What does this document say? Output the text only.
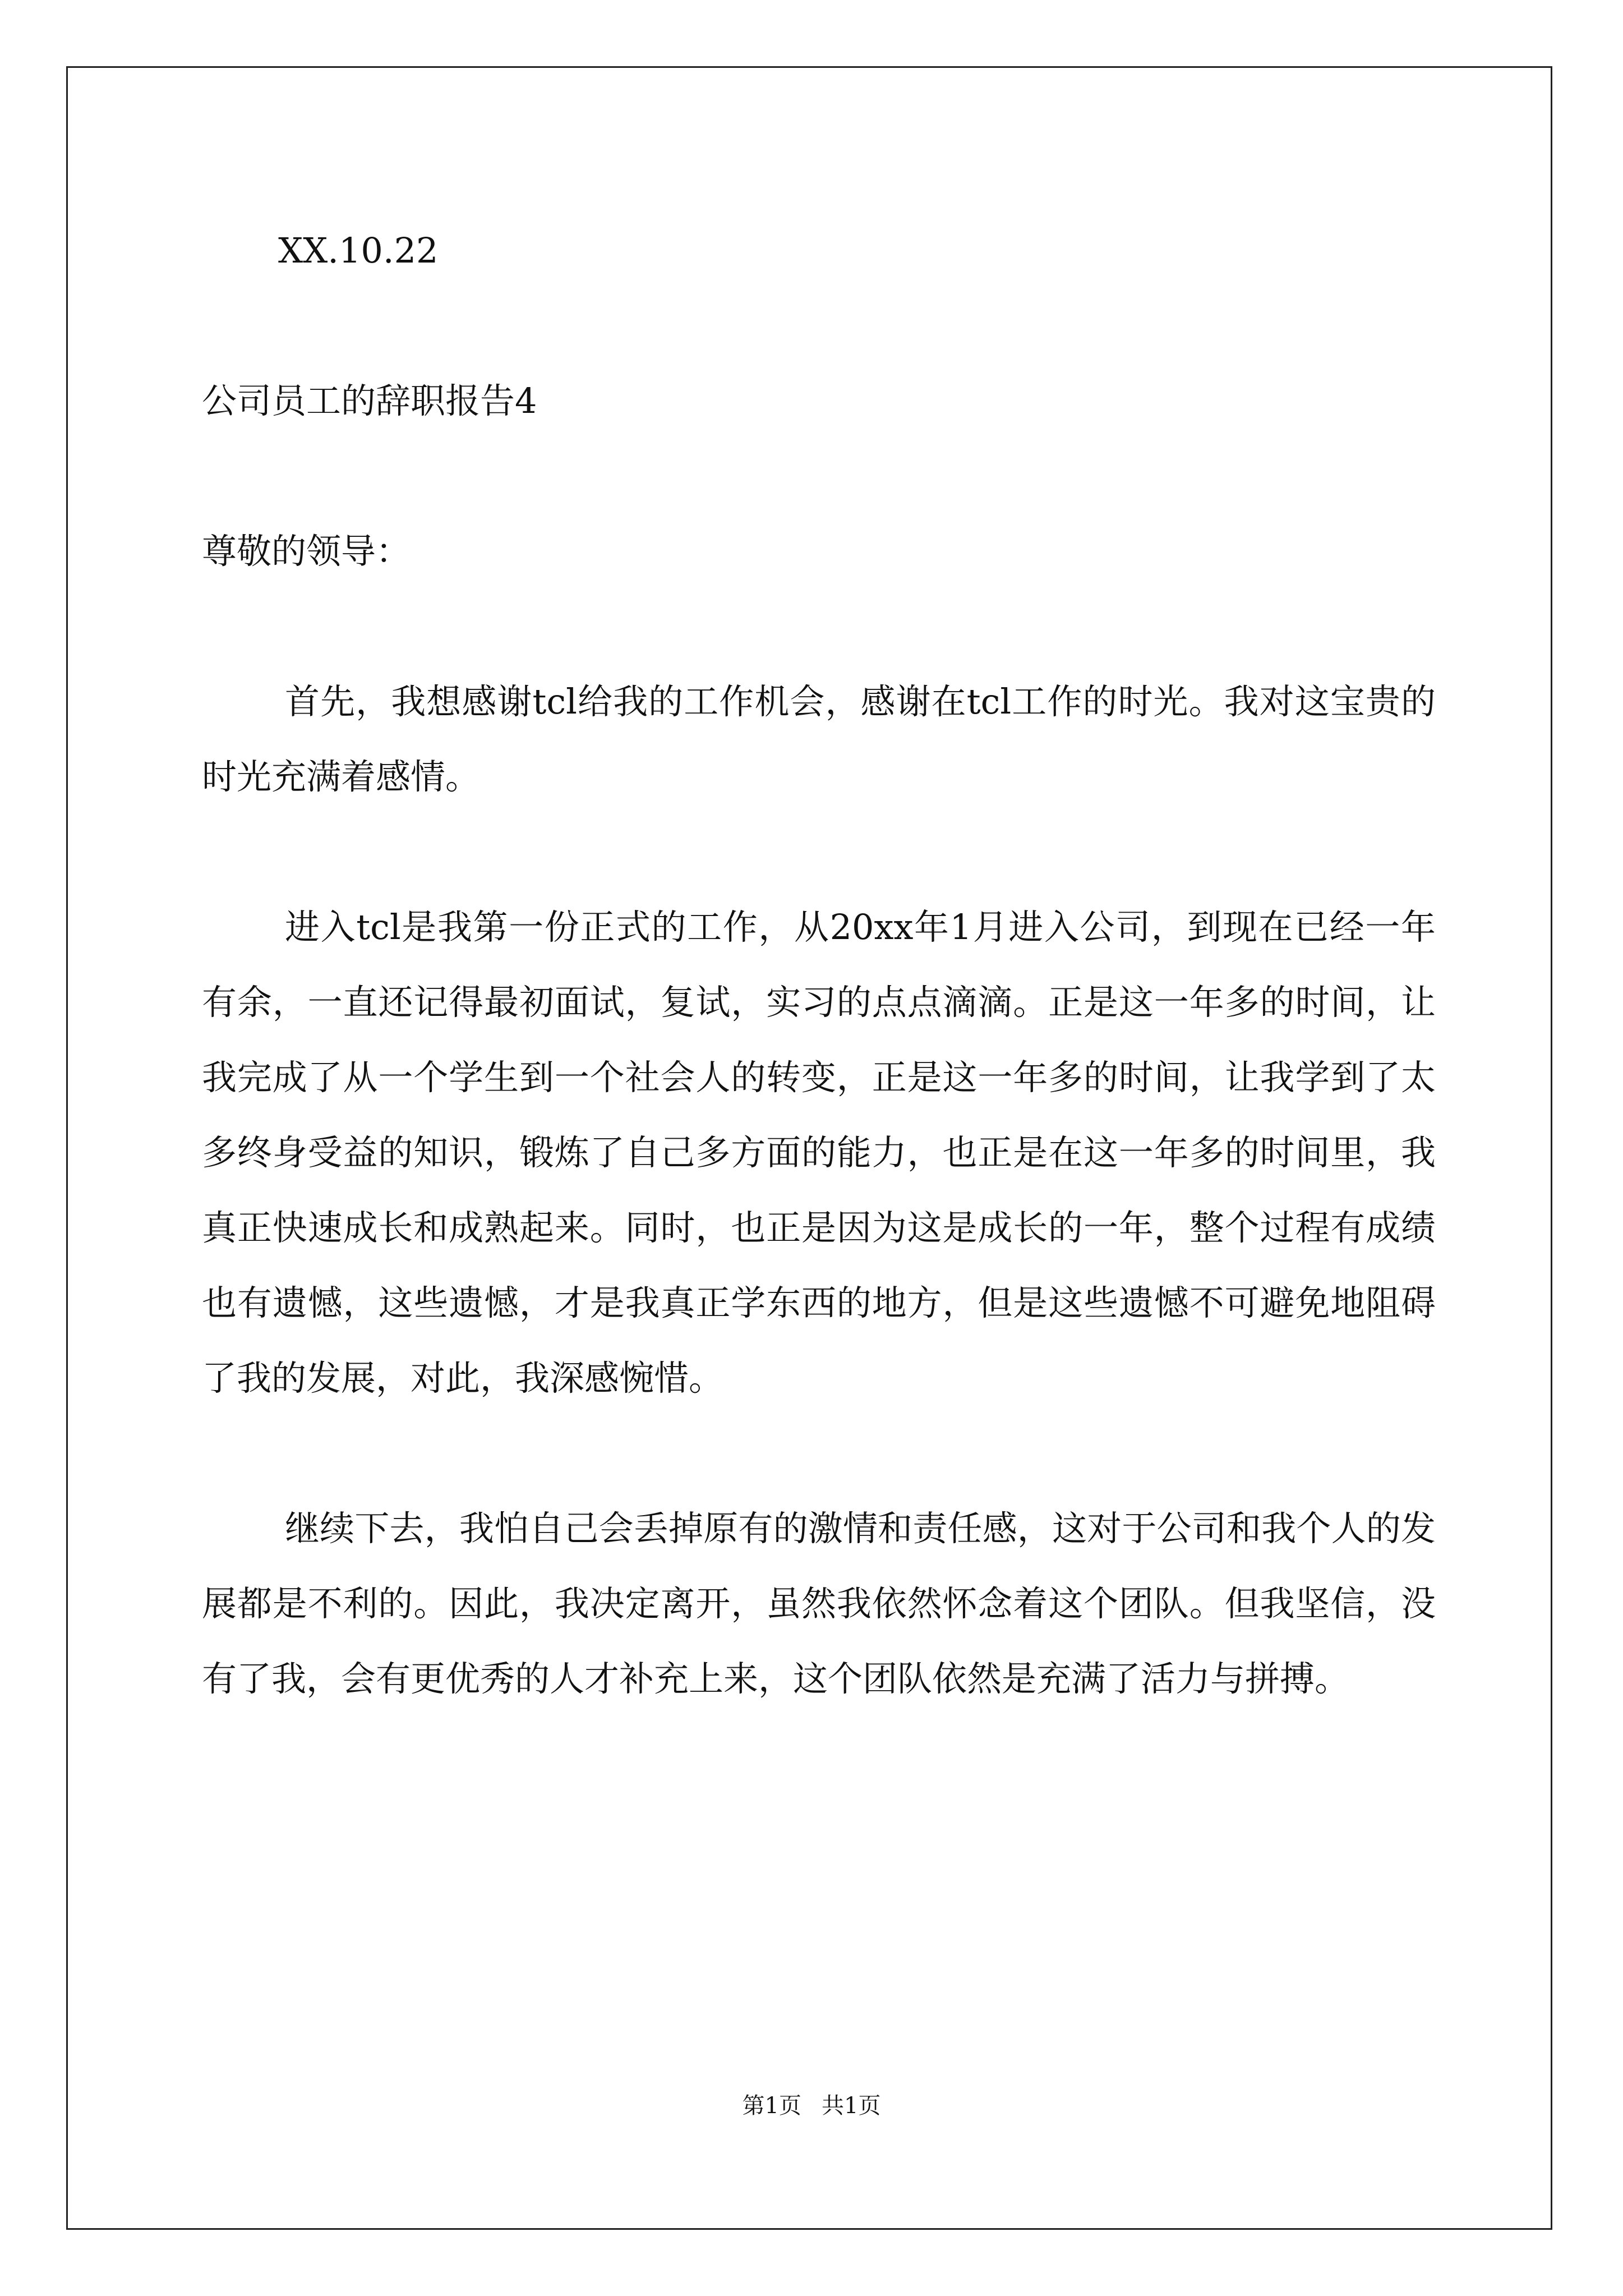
XX.10.22

公司员工的辞职报告4

尊敬的领导：

首先，我想感谢tcl给我的工作机会，感谢在tcl工作的时光。我对这宝贵的时光充满着感情。

进入tcl是我第一份正式的工作，从20xx年1月进入公司，到现在已经一年有余，一直还记得最初面试，复试，实习的点点滴滴。正是这一年多的时间，让我完成了从一个学生到一个社会人的转变，正是这一年多的时间，让我学到了太多终身受益的知识，锻炼了自己多方面的能力，也正是在这一年多的时间里，我真正快速成长和成熟起来。同时，也正是因为这是成长的一年，整个过程有成绩也有遗憾，这些遗憾，才是我真正学东西的地方，但是这些遗憾不可避免地阻碍了我的发展，对此，我深感惋惜。

继续下去，我怕自己会丢掉原有的激情和责任感，这对于公司和我个人的发展都是不利的。因此，我决定离开，虽然我依然怀念着这个团队。但我坚信，没有了我，会有更优秀的人才补充上来，这个团队依然是充满了活力与拼搏。

第1页 共1页
